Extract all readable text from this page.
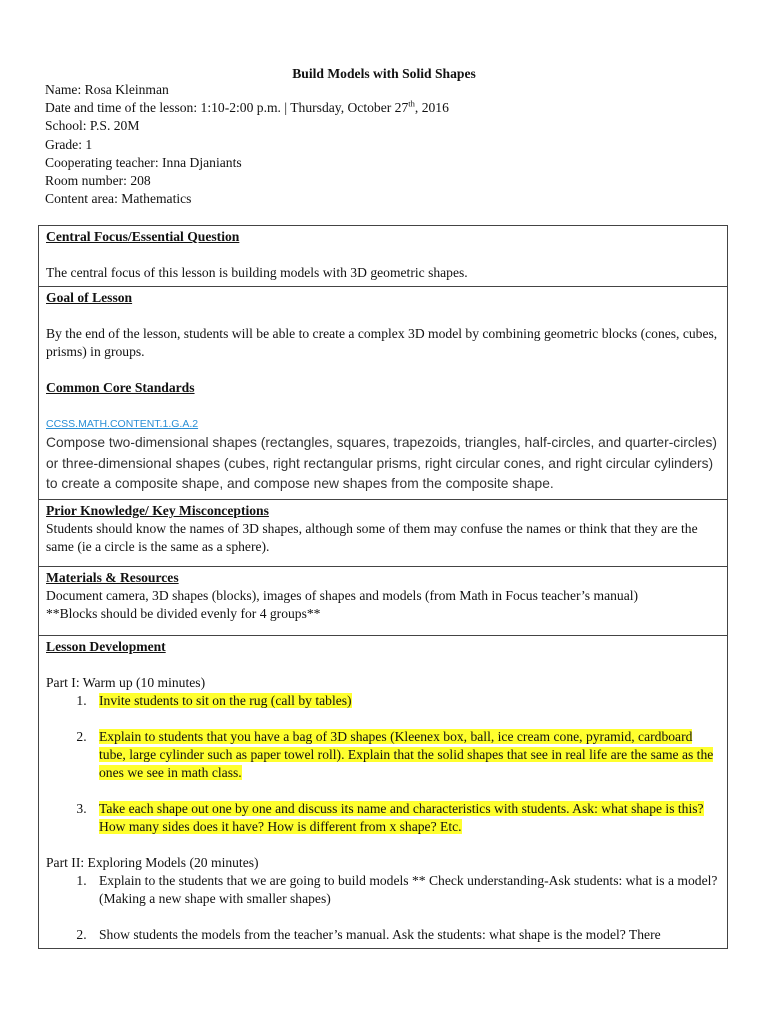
Build Models with Solid Shapes
Name: Rosa Kleinman
Date and time of the lesson: 1:10-2:00 p.m. | Thursday, October 27th, 2016
School: P.S. 20M
Grade: 1
Cooperating teacher: Inna Djaniants
Room number: 208
Content area: Mathematics
Central Focus/Essential Question
The central focus of this lesson is building models with 3D geometric shapes.

Goal of Lesson
By the end of the lesson, students will be able to create a complex 3D model by combining geometric blocks (cones, cubes, prisms) in groups.
Common Core Standards
CCSS.MATH.CONTENT.1.G.A.2
Compose two-dimensional shapes (rectangles, squares, trapezoids, triangles, half-circles, and quarter-circles) or three-dimensional shapes (cubes, right rectangular prisms, right circular cones, and right circular cylinders) to create a composite shape, and compose new shapes from the composite shape.

Prior Knowledge/ Key Misconceptions
Students should know the names of 3D shapes, although some of them may confuse the names or think that they are the same (ie a circle is the same as a sphere).

Materials & Resources
Document camera, 3D shapes (blocks), images of shapes and models (from Math in Focus teacher’s manual)
**Blocks should be divided evenly for 4 groups**

Lesson Development
Part I: Warm up (10 minutes)
1. Invite students to sit on the rug (call by tables)
2. Explain to students that you have a bag of 3D shapes (Kleenex box, ball, ice cream cone, pyramid, cardboard tube, large cylinder such as paper towel roll). Explain that the solid shapes that see in real life are the same as the ones we see in math class.
3. Take each shape out one by one and discuss its name and characteristics with students. Ask: what shape is this? How many sides does it have? How is different from x shape? Etc.
Part II: Exploring Models (20 minutes)
1. Explain to the students that we are going to build models ** Check understanding-Ask students: what is a model? (Making a new shape with smaller shapes)
2. Show students the models from the teacher’s manual. Ask the students: what shape is the model? There
